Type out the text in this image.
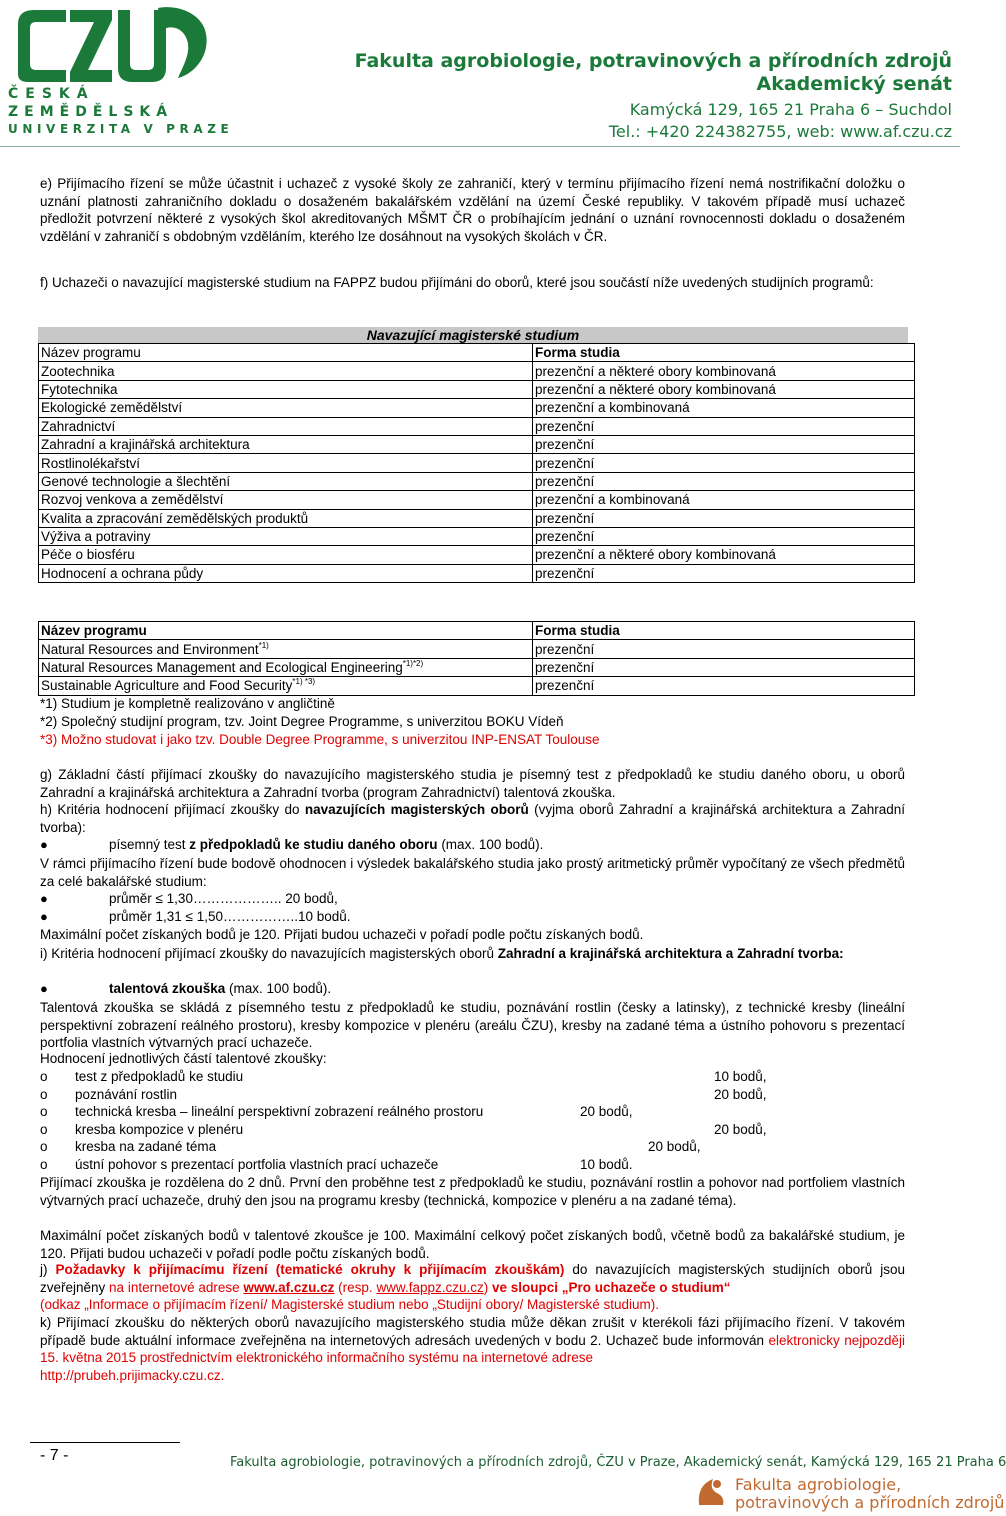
ČESKÁ
ZEMĚDĚLSKÁ
UNIVERZITA V PRAZE
Fakulta agrobiologie, potravinových a přírodních zdrojů
Akademický senát
Kamýcká 129, 165 21 Praha 6 – Suchdol
Tel.: +420 224382755, web: www.af.czu.cz
e) Přijímacího řízení se může účastnit i uchazeč z vysoké školy ze zahraničí, který v termínu přijímacího řízení nemá nostrifikační doložku o uznání platnosti zahraničního dokladu o dosaženém bakalářském vzdělání na území České republiky. V takovém případě musí uchazeč předložit potvrzení některé z vysokých škol akreditovaných MŠMT ČR o probíhajícím jednání o uznání rovnocennosti dokladu o dosaženém vzdělání v zahraničí s obdobným vzděláním, kterého lze dosáhnout na vysokých školách v ČR.
f) Uchazeči o navazující magisterské studium na FAPPZ budou přijímáni do oborů, které jsou součástí níže uvedených studijních programů:
Navazující magisterské studium
Název programu	Forma studia
Zootechnika	prezenční a některé obory kombinovaná
Fytotechnika	prezenční a některé obory kombinovaná
Ekologické zemědělství	prezenční a kombinovaná
Zahradnictví	prezenční
Zahradní a krajinářská architektura	prezenční
Rostlinolékařství	prezenční
Genové technologie a šlechtění	prezenční
Rozvoj venkova a zemědělství	prezenční a kombinovaná
Kvalita a zpracování zemědělských produktů	prezenční
Výživa a potraviny	prezenční
Péče o biosféru	prezenční a některé obory kombinovaná
Hodnocení a ochrana půdy	prezenční
Název programu	Forma studia
Natural Resources and Environment$^{*1)}$	prezenční
Natural Resources Management and Ecological Engineering$^{*1)*2)}$	prezenční
Sustainable Agriculture and Food Security$^{*1) *3)}$	prezenční
*1) Studium je kompletně realizováno v angličtině
*2) Společný studijní program, tzv. Joint Degree Programme, s univerzitou BOKU Vídeň
*3) Možno studovat i jako tzv. Double Degree Programme, s univerzitou INP-ENSAT Toulouse
g) Základní částí přijímací zkoušky do navazujícího magisterského studia je písemný test z předpokladů ke studiu daného oboru, u oborů Zahradní a krajinářská architektura a Zahradní tvorba (program Zahradnictví) talentová zkouška.
h) Kritéria hodnocení přijímací zkoušky do navazujících magisterských oborů (vyjma oborů Zahradní a krajinářská architektura a Zahradní tvorba):
●	písemný test z předpokladů ke studiu daného oboru (max. 100 bodů).
V rámci přijímacího řízení bude bodově ohodnocen i výsledek bakalářského studia jako prostý aritmetický průměr vypočítaný ze všech předmětů za celé bakalářské studium:
●	průměr ≤ 1,30……………….. 20 bodů,
●	průměr 1,31 ≤ 1,50……………..10 bodů.
Maximální počet získaných bodů je 120. Přijati budou uchazeči v pořadí podle počtu získaných bodů.
i) Kritéria hodnocení přijímací zkoušky do navazujících magisterských oborů Zahradní a krajinářská architektura a Zahradní tvorba:
●	talentová zkouška (max. 100 bodů).
Talentová zkouška se skládá z písemného testu z předpokladů ke studiu, poznávání rostlin (česky a latinsky), z technické kresby (lineální perspektivní zobrazení reálného prostoru), kresby kompozice v plenéru (areálu ČZU), kresby na zadané téma a ústního pohovoru s prezentací portfolia vlastních výtvarných prací uchazeče.
Hodnocení jednotlivých částí talentové zkoušky:
o test z předpokladů ke studiu	10 bodů,
o poznávání rostlin	20 bodů,
o technická kresba – lineální perspektivní zobrazení reálného prostoru	20 bodů,
o kresba kompozice v plenéru	20 bodů,
o kresba na zadané téma	20 bodů,
o ústní pohovor s prezentací portfolia vlastních prací uchazeče	10 bodů.
Přijímací zkouška je rozdělena do 2 dnů. První den proběhne test z předpokladů ke studiu, poznávání rostlin a pohovor nad portfoliem vlastních výtvarných prací uchazeče, druhý den jsou na programu kresby (technická, kompozice v plenéru a na zadané téma).
Maximální počet získaných bodů v talentové zkoušce je 100. Maximální celkový počet získaných bodů, včetně bodů za bakalářské studium, je 120. Přijati budou uchazeči v pořadí podle počtu získaných bodů.
j) Požadavky k přijímacímu řízení (tematické okruhy k přijímacím zkouškám) do navazujících magisterských studijních oborů jsou zveřejněny na internetové adrese www.af.czu.cz (resp. www.fappz.czu.cz) ve sloupci „Pro uchazeče o studium“
(odkaz „Informace o přijímacím řízení/ Magisterské studium nebo „Studijní obory/ Magisterské studium).
k) Přijímací zkoušku do některých oborů navazujícího magisterského studia může děkan zrušit v kterékoli fázi přijímacího řízení. V takovém případě bude aktuální informace zveřejněna na internetových adresách uvedených v bodu 2. Uchazeč bude informován elektronicky nejpozději 15. května 2015 prostřednictvím elektronického informačního systému na internetové adrese
http://prubeh.prijimacky.czu.cz.
- 7 -	Fakulta agrobiologie, potravinových a přírodních zdrojů, ČZU v Praze, Akademický senát, Kamýcká 129, 165 21 Praha 6
Fakulta agrobiologie,
potravinových a přírodních zdrojů
